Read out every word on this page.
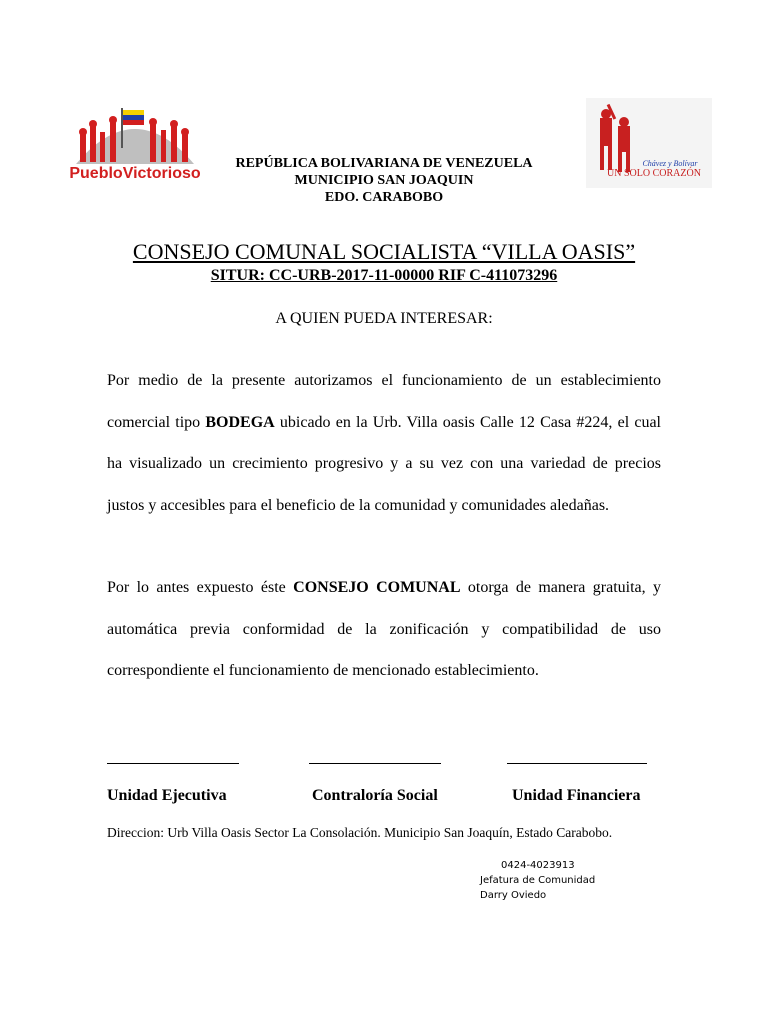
PuebloVictorioso
Chávez y Bolívar
UN SOLO CORAZÓN
REPÚBLICA BOLIVARIANA DE VENEZUELA
MUNICIPIO SAN JOAQUIN
EDO. CARABOBO
CONSEJO COMUNAL SOCIALISTA “VILLA OASIS”
SITUR: CC-URB-2017-11-00000 RIF C-411073296
A QUIEN PUEDA INTERESAR:
Por medio de la presente autorizamos el funcionamiento de un establecimiento comercial tipo BODEGA ubicado en la Urb. Villa oasis Calle 12 Casa #224, el cual ha visualizado un crecimiento progresivo y a su vez con una variedad de precios justos y accesibles para el beneficio de la comunidad y comunidades aledañas.
Por lo antes expuesto éste CONSEJO COMUNAL otorga de manera gratuita, y automática previa conformidad de la zonificación y compatibilidad de uso correspondiente el funcionamiento de mencionado establecimiento.
Unidad Ejecutiva	Contraloría Social	Unidad Financiera
Direccion: Urb Villa Oasis Sector La Consolación. Municipio San Joaquín, Estado Carabobo.
0424-4023913
Jefatura de Comunidad
Darry Oviedo
